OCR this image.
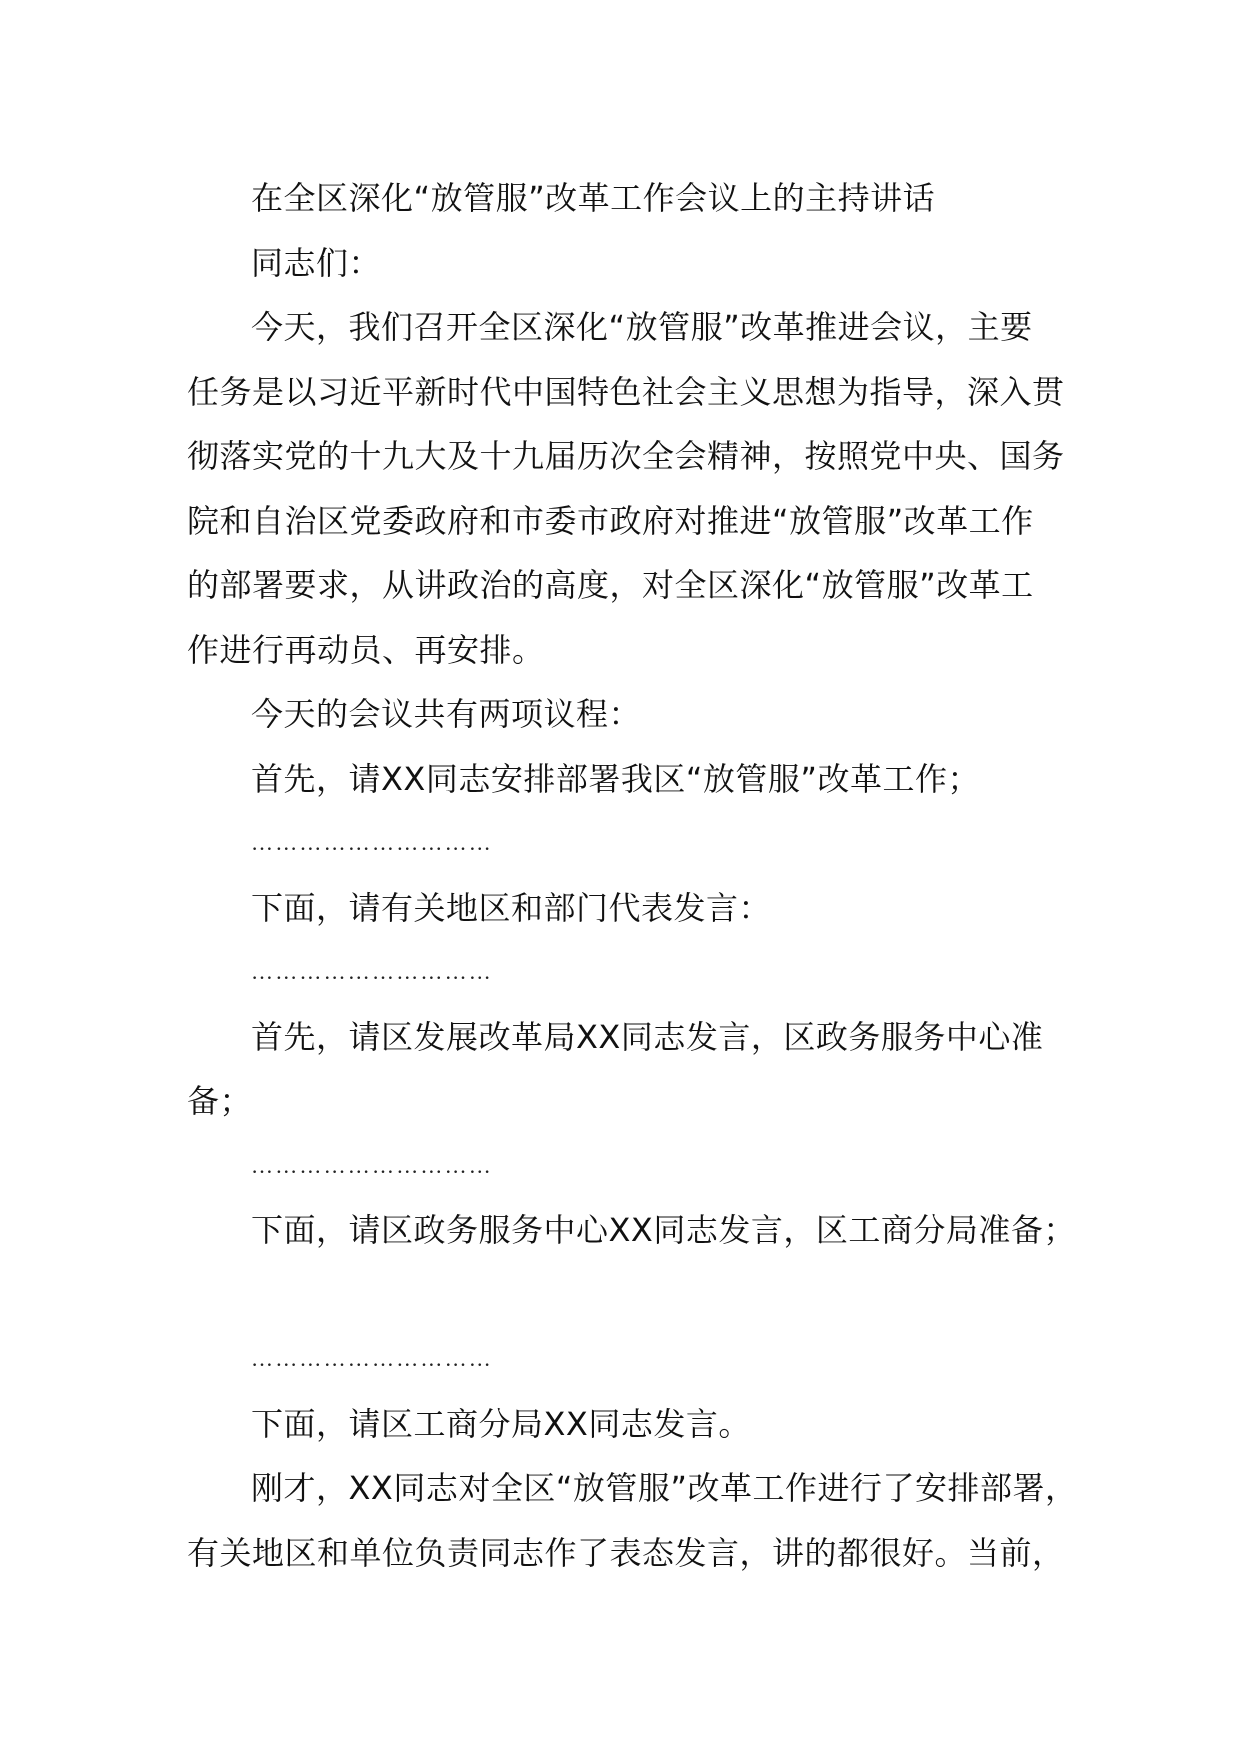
在全区深化“放管服”改革工作会议上的主持讲话
同志们：
今天，我们召开全区深化“放管服”改革推进会议，主要
任务是以习近平新时代中国特色社会主义思想为指导，深入贯
彻落实党的十九大及十九届历次全会精神，按照党中央、国务
院和自治区党委政府和市委市政府对推进“放管服”改革工作
的部署要求，从讲政治的高度，对全区深化“放管服”改革工
作进行再动员、再安排。
今天的会议共有两项议程：
首先，请XX同志安排部署我区“放管服”改革工作；
…………………………
下面，请有关地区和部门代表发言：
…………………………
首先，请区发展改革局XX同志发言，区政务服务中心准
备；
…………………………
下面，请区政务服务中心XX同志发言，区工商分局准备；
…………………………
下面，请区工商分局XX同志发言。
刚才，XX同志对全区“放管服”改革工作进行了安排部署，
有关地区和单位负责同志作了表态发言，讲的都很好。当前，
